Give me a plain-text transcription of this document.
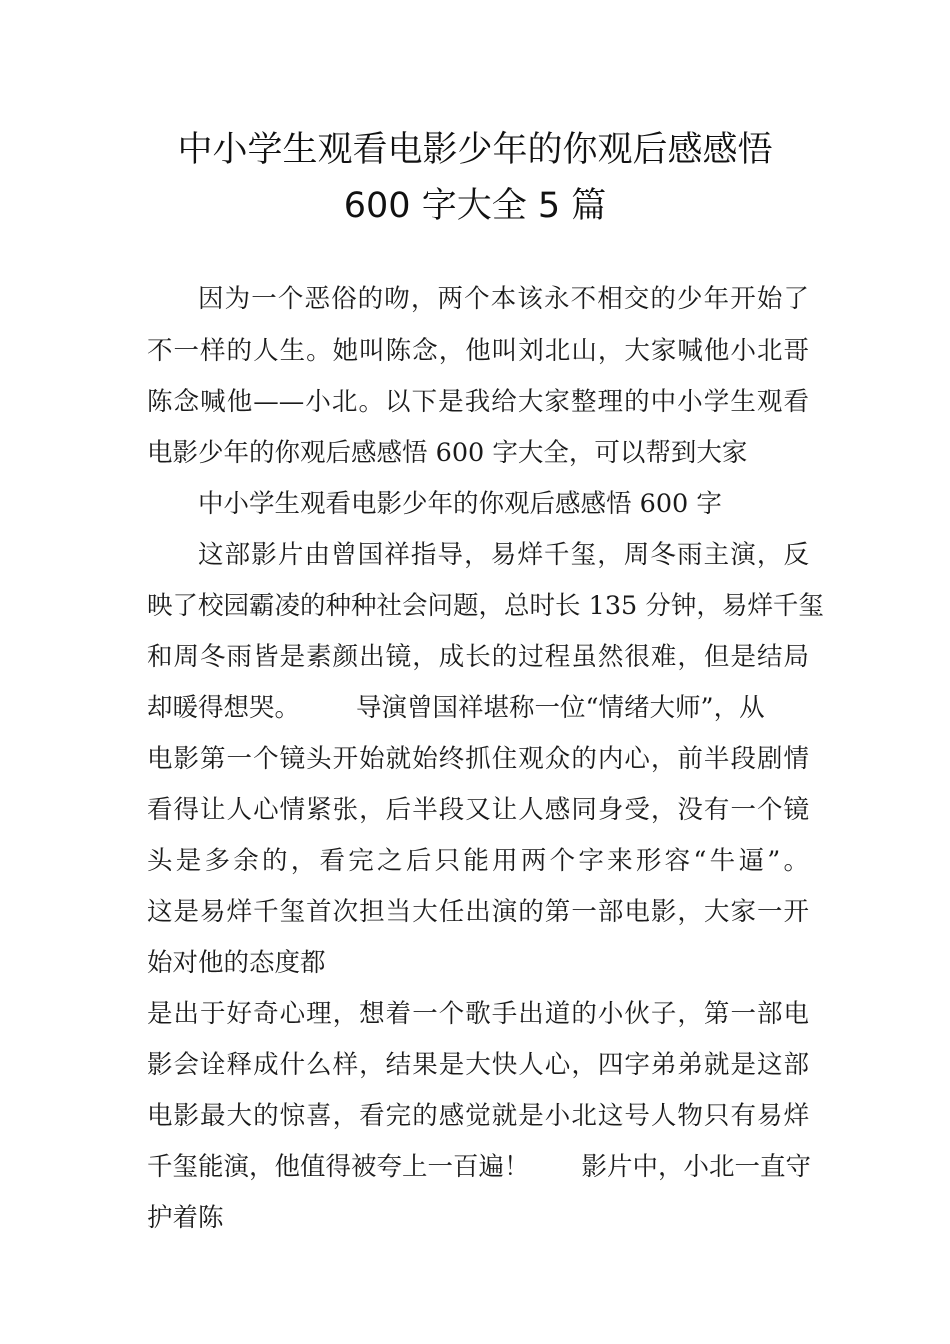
中小学生观看电影少年的你观后感感悟
600 字大全 5 篇
因为一个恶俗的吻，两个本该永不相交的少年开始了
不一样的人生。她叫陈念，他叫刘北山，大家喊他小北哥
陈念喊他——小北。以下是我给大家整理的中小学生观看
电影少年的你观后感感悟 600 字大全，可以帮到大家
中小学生观看电影少年的你观后感感悟 600 字
这部影片由曾国祥指导，易烊千玺，周冬雨主演，反
映了校园霸凌的种种社会问题，总时长 135 分钟，易烊千玺
和周冬雨皆是素颜出镜，成长的过程虽然很难，但是结局
却暖得想哭。 导演曾国祥堪称一位“情绪大师”，从
电影第一个镜头开始就始终抓住观众的内心，前半段剧情
看得让人心情紧张，后半段又让人感同身受，没有一个镜
头是多余的，看完之后只能用两个字来形容“牛逼”。
这是易烊千玺首次担当大任出演的第一部电影，大家一开
始对他的态度都
是出于好奇心理，想着一个歌手出道的小伙子，第一部电
影会诠释成什么样，结果是大快人心，四字弟弟就是这部
电影最大的惊喜，看完的感觉就是小北这号人物只有易烊
千玺能演，他值得被夸上一百遍！ 影片中，小北一直守
护着陈
